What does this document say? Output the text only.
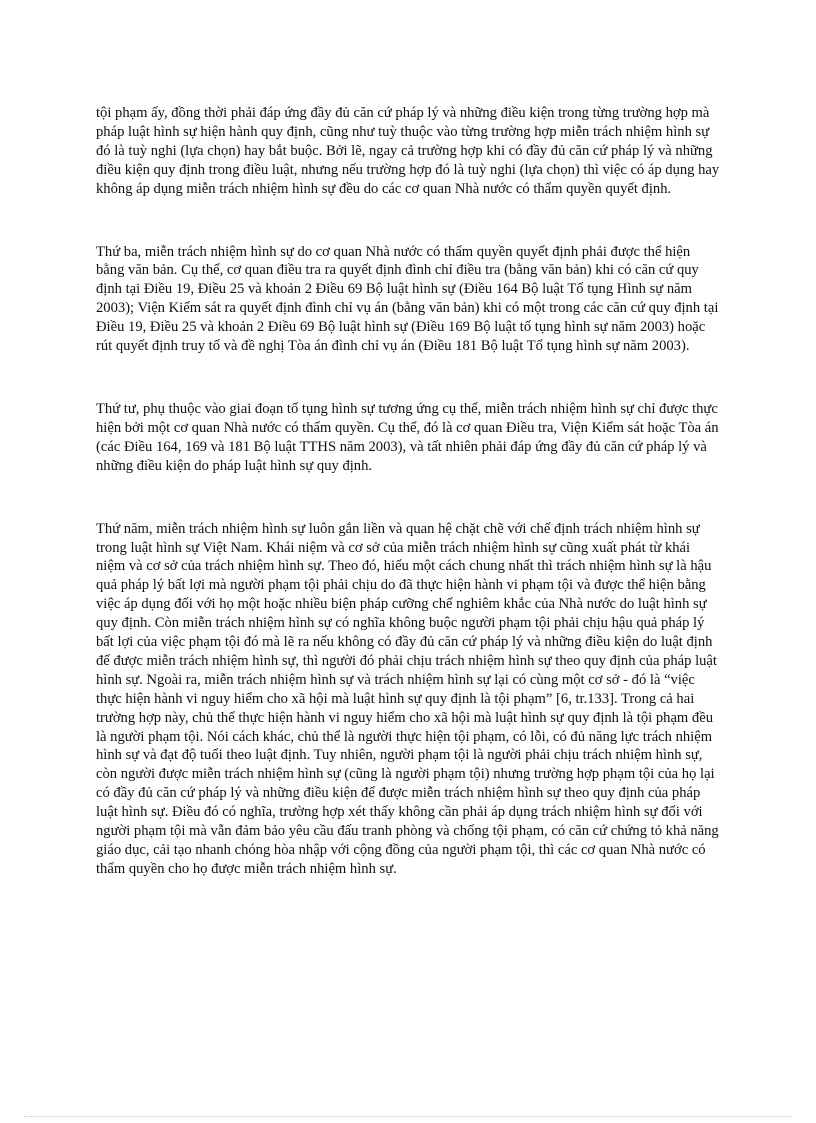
tội phạm ấy, đồng thời phải đáp ứng đầy đủ căn cứ pháp lý và những điều kiện trong từng trường hợp mà pháp luật hình sự hiện hành quy định, cũng như tuỳ thuộc vào từng trường hợp miễn trách nhiệm hình sự đó là tuỳ nghi (lựa chọn) hay bắt buộc. Bởi lẽ, ngay cả trường hợp khi có đầy đủ căn cứ pháp lý và những điều kiện quy định trong điều luật, nhưng nếu trường hợp đó là tuỳ nghi (lựa chọn) thì việc có áp dụng hay không áp dụng miễn trách nhiệm hình sự đều do các cơ quan Nhà nước có thẩm quyền quyết định.

Thứ ba, miễn trách nhiệm hình sự do cơ quan Nhà nước có thẩm quyền quyết định phải được thể hiện bằng văn bản. Cụ thể, cơ quan điều tra ra quyết định đình chỉ điều tra (bằng văn bản) khi có căn cứ quy định tại Điều 19, Điều 25 và khoản 2 Điều 69 Bộ luật hình sự (Điều 164 Bộ luật Tố tụng Hình sự năm 2003); Viện Kiểm sát ra quyết định đình chỉ vụ án (bằng văn bản) khi có một trong các căn cứ quy định tại Điều 19, Điều 25 và khoản 2 Điều 69 Bộ luật hình sự (Điều 169 Bộ luật tố tụng hình sự năm 2003) hoặc rút quyết định truy tố và đề nghị Tòa án đình chỉ vụ án (Điều 181 Bộ luật Tố tụng hình sự năm 2003).

Thứ tư, phụ thuộc vào giai đoạn tố tụng hình sự tương ứng cụ thể, miễn trách nhiệm hình sự chỉ được thực hiện bởi một cơ quan Nhà nước có thẩm quyền. Cụ thể, đó là cơ quan Điều tra, Viện Kiểm sát hoặc Tòa án (các Điều 164, 169 và 181 Bộ luật TTHS năm 2003), và tất nhiên phải đáp ứng đầy đủ căn cứ pháp lý và những điều kiện do pháp luật hình sự quy định.

Thứ năm, miễn trách nhiệm hình sự luôn gắn liền và quan hệ chặt chẽ với chế định trách nhiệm hình sự trong luật hình sự Việt Nam. Khái niệm và cơ sở của miễn trách nhiệm hình sự cũng xuất phát từ khái niệm và cơ sở của trách nhiệm hình sự. Theo đó, hiểu một cách chung nhất thì trách nhiệm hình sự là hậu quả pháp lý bất lợi mà người phạm tội phải chịu do đã thực hiện hành vi phạm tội và được thể hiện bằng việc áp dụng đối với họ một hoặc nhiều biện pháp cưỡng chế nghiêm khắc của Nhà nước do luật hình sự quy định. Còn miễn trách nhiệm hình sự có nghĩa không buộc người phạm tội phải chịu hậu quả pháp lý bất lợi của việc phạm tội đó mà lẽ ra nếu không có đầy đủ căn cứ pháp lý và những điều kiện do luật định để được miễn trách nhiệm hình sự, thì người đó phải chịu trách nhiệm hình sự theo quy định của pháp luật hình sự. Ngoài ra, miễn trách nhiệm hình sự và trách nhiệm hình sự lại có cùng một cơ sở - đó là “việc thực hiện hành vi nguy hiểm cho xã hội mà luật hình sự quy định là tội phạm” [6, tr.133]. Trong cả hai trường hợp này, chủ thể thực hiện hành vi nguy hiểm cho xã hội mà luật hình sự quy định là tội phạm đều là người phạm tội. Nói cách khác, chủ thể là người thực hiện tội phạm, có lỗi, có đủ năng lực trách nhiệm hình sự và đạt độ tuổi theo luật định. Tuy nhiên, người phạm tội là người phải chịu trách nhiệm hình sự, còn người được miễn trách nhiệm hình sự (cũng là người phạm tội) nhưng trường hợp phạm tội của họ lại có đầy đủ căn cứ pháp lý và những điều kiện để được miễn trách nhiệm hình sự theo quy định của pháp luật hình sự. Điều đó có nghĩa, trường hợp xét thấy không cần phải áp dụng trách nhiệm hình sự đối với người phạm tội mà vẫn đảm bảo yêu cầu đấu tranh phòng và chống tội phạm, có căn cứ chứng tỏ khả năng giáo dục, cải tạo nhanh chóng hòa nhập với cộng đồng của người phạm tội, thì các cơ quan Nhà nước có thẩm quyền cho họ được miễn trách nhiệm hình sự.
